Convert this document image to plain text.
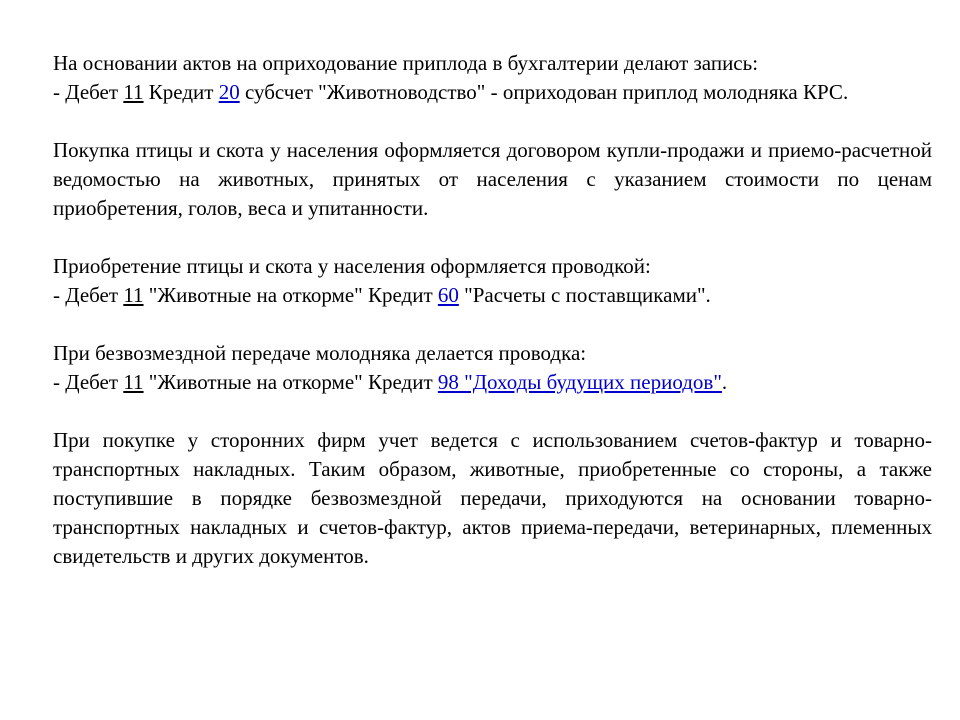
На основании актов на оприходование приплода в бухгалтерии делают запись:
- Дебет 11 Кредит 20 субсчет "Животноводство" - оприходован приплод молодняка КРС.
Покупка птицы и скота у населения оформляется договором купли-продажи и приемо-расчетной ведомостью на животных, принятых от населения с указанием стоимости по ценам приобретения, голов, веса и упитанности.
Приобретение птицы и скота у населения оформляется проводкой:
- Дебет 11 "Животные на откорме" Кредит 60 "Расчеты с поставщиками".
При безвозмездной передаче молодняка делается проводка:
- Дебет 11 "Животные на откорме" Кредит 98 "Доходы будущих периодов".
При покупке у сторонних фирм учет ведется с использованием счетов-фактур и товарно-транспортных накладных. Таким образом, животные, приобретенные со стороны, а также поступившие в порядке безвозмездной передачи, приходуются на основании товарно-транспортных накладных и счетов-фактур, актов приема-передачи, ветеринарных, племенных свидетельств и других документов.
